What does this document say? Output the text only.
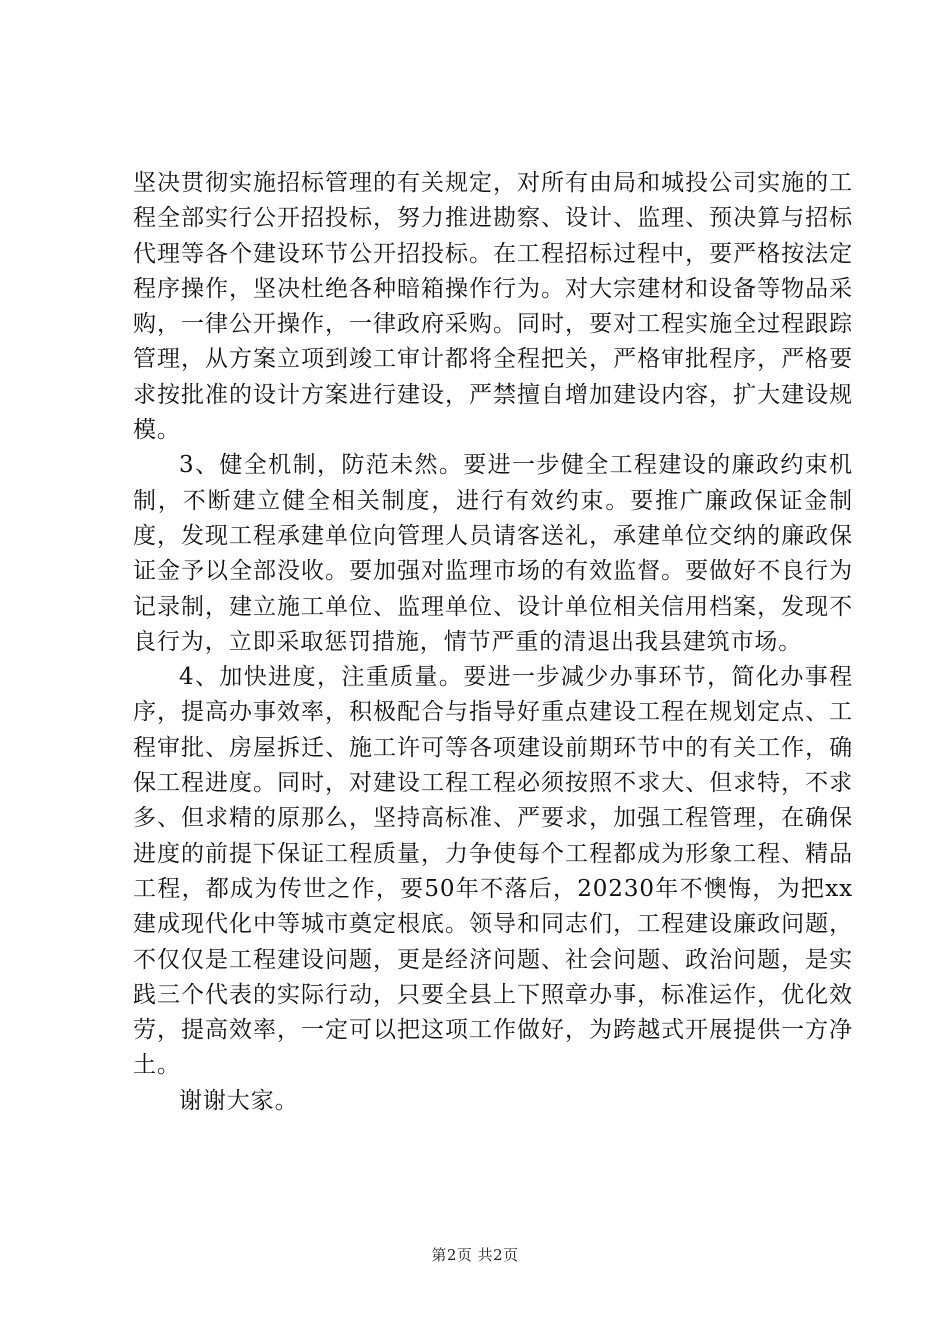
坚决贯彻实施招标管理的有关规定，对所有由局和城投公司实施的工程全部实行公开招投标，努力推进勘察、设计、监理、预决算与招标代理等各个建设环节公开招投标。在工程招标过程中，要严格按法定程序操作，坚决杜绝各种暗箱操作行为。对大宗建材和设备等物品采购，一律公开操作，一律政府采购。同时，要对工程实施全过程跟踪管理，从方案立项到竣工审计都将全程把关，严格审批程序，严格要求按批准的设计方案进行建设，严禁擅自增加建设内容，扩大建设规模。

3、健全机制，防范未然。要进一步健全工程建设的廉政约束机制，不断建立健全相关制度，进行有效约束。要推广廉政保证金制度，发现工程承建单位向管理人员请客送礼，承建单位交纳的廉政保证金予以全部没收。要加强对监理市场的有效监督。要做好不良行为记录制，建立施工单位、监理单位、设计单位相关信用档案，发现不良行为，立即采取惩罚措施，情节严重的清退出我县建筑市场。

4、加快进度，注重质量。要进一步减少办事环节，简化办事程序，提高办事效率，积极配合与指导好重点建设工程在规划定点、工程审批、房屋拆迁、施工许可等各项建设前期环节中的有关工作，确保工程进度。同时，对建设工程工程必须按照不求大、但求特，不求多、但求精的原那么，坚持高标准、严要求，加强工程管理，在确保进度的前提下保证工程质量，力争使每个工程都成为形象工程、精品工程，都成为传世之作，要50年不落后，20230年不懊悔，为把xx建成现代化中等城市奠定根底。领导和同志们，工程建设廉政问题，不仅仅是工程建设问题，更是经济问题、社会问题、政治问题，是实践三个代表的实际行动，只要全县上下照章办事，标准运作，优化效劳，提高效率，一定可以把这项工作做好，为跨越式开展提供一方净土。

谢谢大家。

第2页 共2页
